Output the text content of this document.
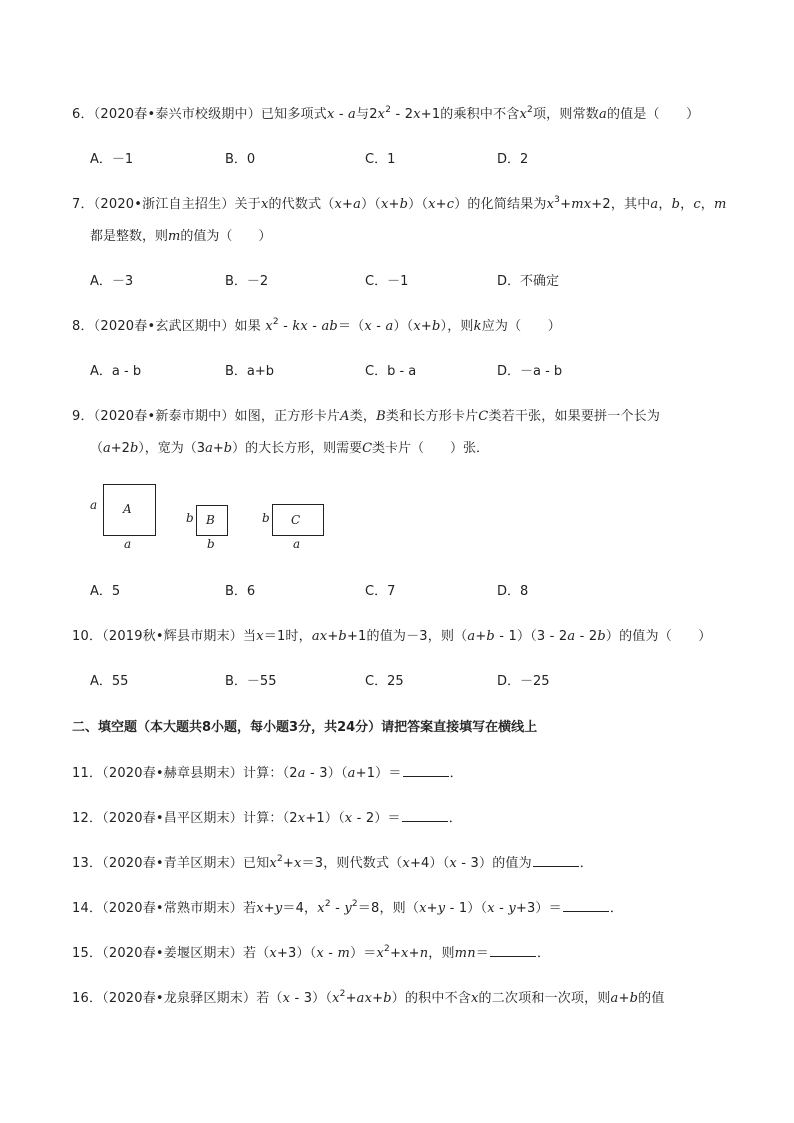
6．（2020春•泰兴市校级期中）已知多项式x - a与$2x^2 - 2x+1$的乘积中不含$x^2$项，则常数a的值是（　　）
A．－1	B．0	C．1	D．2
7．（2020•浙江自主招生）关于x的代数式（x+a）（x+b）（x+c）的化简结果为$x^3+mx+2$，其中a，b，c，m
都是整数，则m的值为（　　）
A．－3	B．－2	C．－1	D．不确定
8．（2020春•玄武区期中）如果 $x^2$ - kx - ab＝（x - a）（x+b），则k应为（　　）
A．a - b	B．a+b	C．b - a	D．－a - b
9．（2020春•新泰市期中）如图，正方形卡片A类，B类和长方形卡片C类若干张，如果要拼一个长为
（a+2b），宽为（3a+b）的大长方形，则需要C类卡片（　　）张．
a A
a
b B
b
b C
a
A．5	B．6	C．7	D．8
10．（2019秋•辉县市期末）当x＝1时，ax+b+1的值为－3，则（a+b - 1）（3 - 2a - 2b）的值为（　　）
A．55	B．－55	C．25	D．－25
二、填空题（本大题共8小题，每小题3分，共24分）请把答案直接填写在横线上
11．（2020春•赫章县期末）计算：（2a - 3）（a+1）＝	．
12．（2020春•昌平区期末）计算：（2x+1）（x - 2）＝	．
13．（2020春•青羊区期末）已知$x^2+x=3$，则代数式（x+4）（x - 3）的值为	．
14．（2020春•常熟市期末）若x+y＝4，$x^2 - y^2=8$，则（x+y - 1）（x - y+3）＝	．
15．（2020春•姜堰区期末）若$(x+3)(x - m)=x^2+x+n$，则mn＝	．
16．（2020春•龙泉驿区期末）若$(x - 3)(x^2+ax+b)$的积中不含x的二次项和一次项，则a+b的值
